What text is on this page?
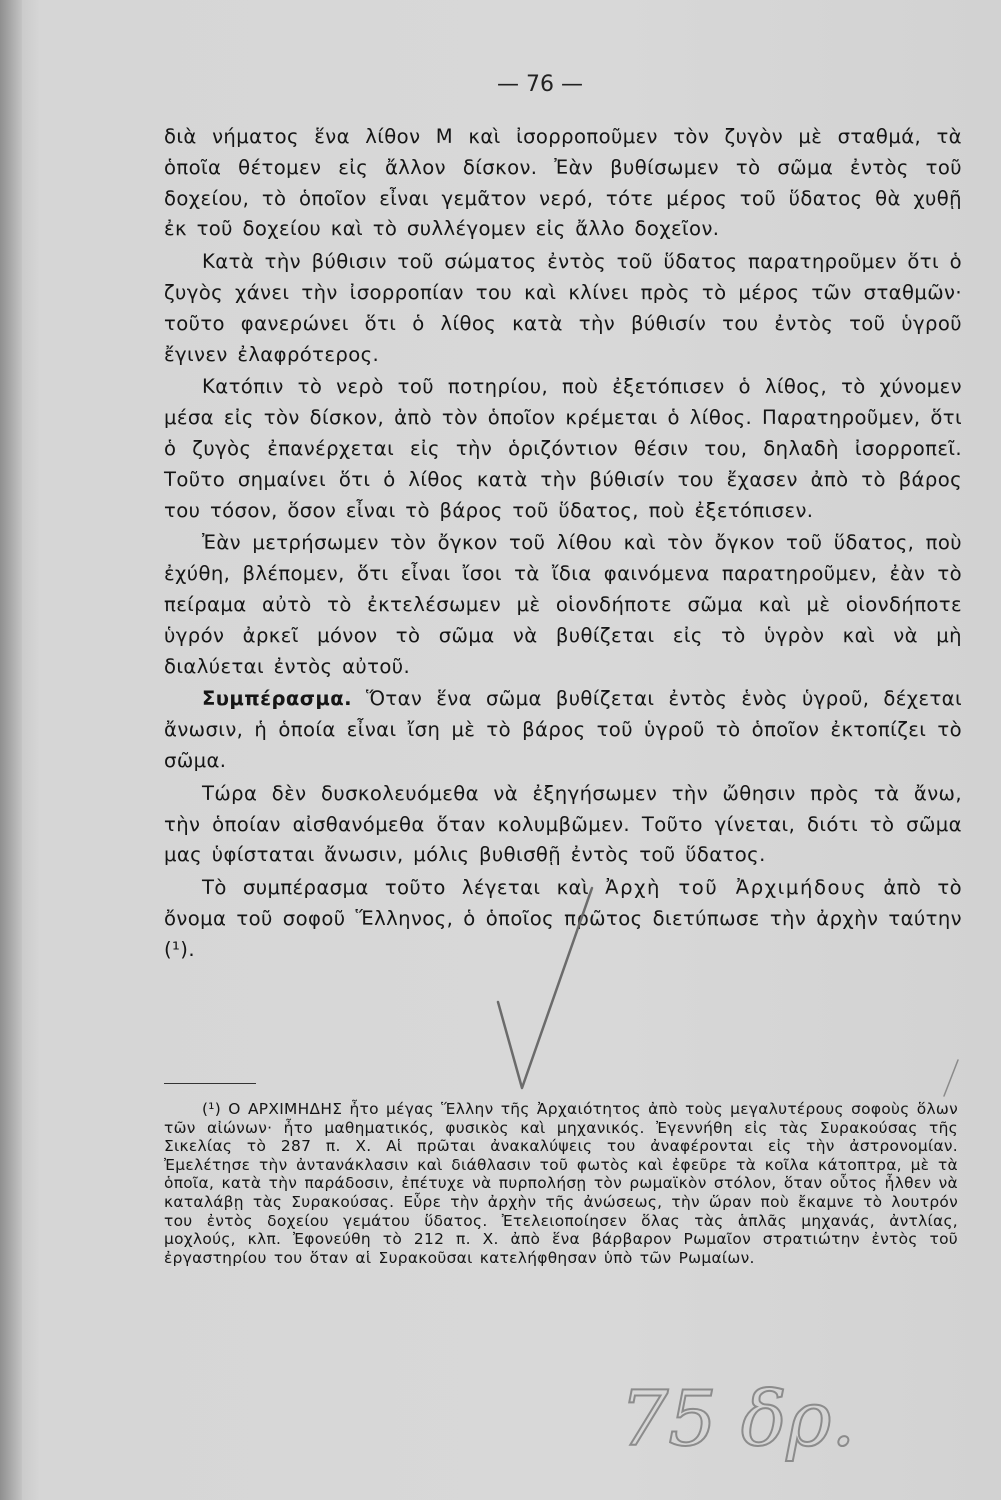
— 76 —

διὰ νήματος ἕνα λίθον Μ καὶ ἰσορροποῦμεν τὸν ζυγὸν μὲ σταθμά, τὰ ὁποῖα θέτομεν εἰς ἄλλον δίσκον. Ἐὰν βυθίσωμεν τὸ σῶμα ἐντὸς τοῦ δοχείου, τὸ ὁποῖον εἶναι γεμᾶτον νερό, τότε μέρος τοῦ ὕδατος θὰ χυθῇ ἐκ τοῦ δοχείου καὶ τὸ συλλέγομεν εἰς ἄλλο δοχεῖον.

Κατὰ τὴν βύθισιν τοῦ σώματος ἐντὸς τοῦ ὕδατος παρατηροῦμεν ὅτι ὁ ζυγὸς χάνει τὴν ἰσορροπίαν του καὶ κλίνει πρὸς τὸ μέρος τῶν σταθμῶν· τοῦτο φανερώνει ὅτι ὁ λίθος κατὰ τὴν βύθισίν του ἐντὸς τοῦ ὑγροῦ ἔγινεν ἐλαφρότερος.

Κατόπιν τὸ νερὸ τοῦ ποτηρίου, ποὺ ἐξετόπισεν ὁ λίθος, τὸ χύνομεν μέσα εἰς τὸν δίσκον, ἀπὸ τὸν ὁποῖον κρέμεται ὁ λίθος. Παρατηροῦμεν, ὅτι ὁ ζυγὸς ἐπανέρχεται εἰς τὴν ὁριζόντιον θέσιν του, δηλαδὴ ἰσορροπεῖ. Τοῦτο σημαίνει ὅτι ὁ λίθος κατὰ τὴν βύθισίν του ἔχασεν ἀπὸ τὸ βάρος του τόσον, ὅσον εἶναι τὸ βάρος τοῦ ὕδατος, ποὺ ἐξετόπισεν.

Ἐὰν μετρήσωμεν τὸν ὄγκον τοῦ λίθου καὶ τὸν ὄγκον τοῦ ὕδατος, ποὺ ἐχύθη, βλέπομεν, ὅτι εἶναι ἴσοι τὰ ἴδια φαινόμενα παρατηροῦμεν, ἐὰν τὸ πείραμα αὐτὸ τὸ ἐκτελέσωμεν μὲ οἱονδήποτε σῶμα καὶ μὲ οἱονδήποτε ὑγρόν ἀρκεῖ μόνον τὸ σῶμα νὰ βυθίζεται εἰς τὸ ὑγρὸν καὶ νὰ μὴ διαλύεται ἐντὸς αὐτοῦ.

Συμπέρασμα. Ὅταν ἕνα σῶμα βυθίζεται ἐντὸς ἑνὸς ὑγροῦ, δέχεται ἄνωσιν, ἡ ὁποία εἶναι ἴση μὲ τὸ βάρος τοῦ ὑγροῦ τὸ ὁποῖον ἐκτοπίζει τὸ σῶμα.

Τώρα δὲν δυσκολευόμεθα νὰ ἐξηγήσωμεν τὴν ὤθησιν πρὸς τὰ ἄνω, τὴν ὁποίαν αἰσθανόμεθα ὅταν κολυμβῶμεν. Τοῦτο γίνεται, διότι τὸ σῶμα μας ὑφίσταται ἄνωσιν, μόλις βυθισθῇ ἐντὸς τοῦ ὕδατος.

Τὸ συμπέρασμα τοῦτο λέγεται καὶ Ἀρχὴ τοῦ Ἀρχιμήδους ἀπὸ τὸ ὄνομα τοῦ σοφοῦ Ἕλληνος, ὁ ὁποῖος πρῶτος διετύπωσε τὴν ἀρχὴν ταύτην (¹).

(¹) Ο ΑΡΧΙΜΗΔΗΣ ἦτο μέγας Ἕλλην τῆς Ἀρχαιότητος ἀπὸ τοὺς μεγαλυτέρους σοφοὺς ὅλων τῶν αἰώνων· ἦτο μαθηματικός, φυσικὸς καὶ μηχανικός. Ἐγεννήθη εἰς τὰς Συρακούσας τῆς Σικελίας τὸ 287 π. Χ. Αἱ πρῶται ἀνακαλύψεις του ἀναφέρονται εἰς τὴν ἀστρονομίαν. Ἐμελέτησε τὴν ἀντανάκλασιν καὶ διάθλασιν τοῦ φωτὸς καὶ ἐφεῦρε τὰ κοῖλα κάτοπτρα, μὲ τὰ ὁποῖα, κατὰ τὴν παράδοσιν, ἐπέτυχε νὰ πυρπολήσῃ τὸν ρωμαϊκὸν στόλον, ὅταν οὗτος ἦλθεν νὰ καταλάβῃ τὰς Συρακούσας. Εὗρε τὴν ἀρχὴν τῆς ἀνώσεως, τὴν ὥραν ποὺ ἔκαμνε τὸ λουτρόν του ἐντὸς δοχείου γεμάτου ὕδατος. Ἐτελειοποίησεν ὅλας τὰς ἁπλᾶς μηχανάς, ἀντλίας, μοχλούς, κλπ. Ἐφονεύθη τὸ 212 π. Χ. ἀπὸ ἕνα βάρβαρον Ρωμαῖον στρατιώτην ἐντὸς τοῦ ἐργαστηρίου του ὅταν αἱ Συρακοῦσαι κατελήφθησαν ὑπὸ τῶν Ρωμαίων.

75 δρ.
